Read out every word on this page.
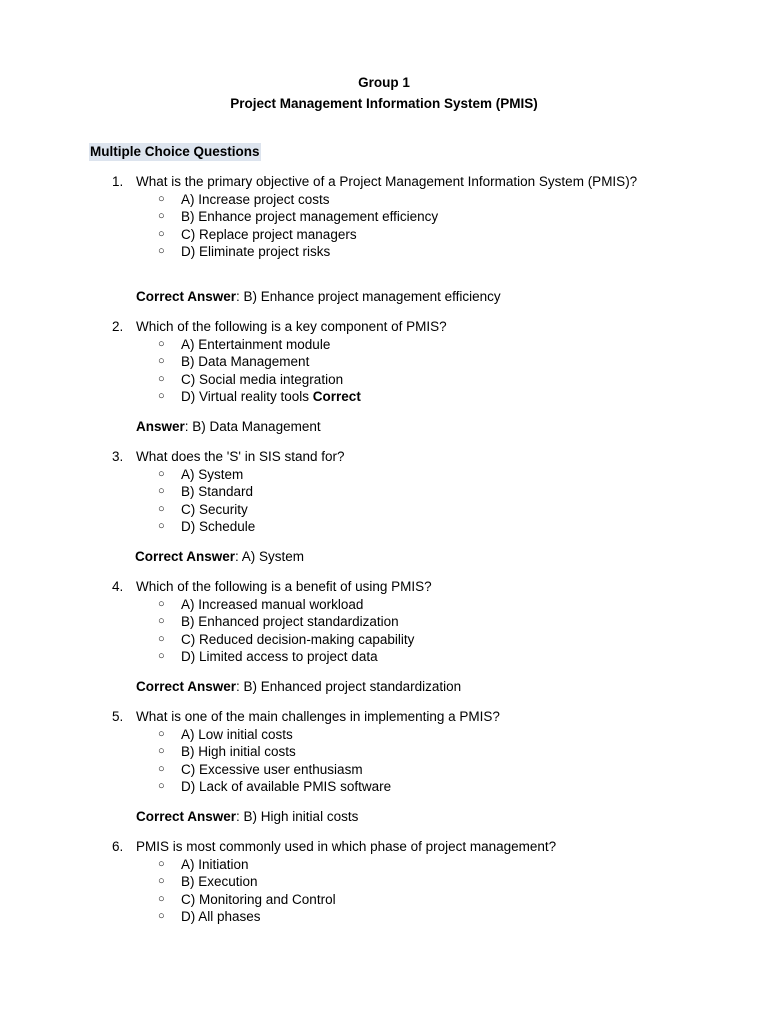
Group 1
Project Management Information System (PMIS)
Multiple Choice Questions
1. What is the primary objective of a Project Management Information System (PMIS)?
○ A) Increase project costs
○ B) Enhance project management efficiency
○ C) Replace project managers
○ D) Eliminate project risks
Correct Answer: B) Enhance project management efficiency
2. Which of the following is a key component of PMIS?
○ A) Entertainment module
○ B) Data Management
○ C) Social media integration
○ D) Virtual reality tools Correct
Answer: B) Data Management
3. What does the 'S' in SIS stand for?
○ A) System
○ B) Standard
○ C) Security
○ D) Schedule
Correct Answer: A) System
4. Which of the following is a benefit of using PMIS?
○ A) Increased manual workload
○ B) Enhanced project standardization
○ C) Reduced decision-making capability
○ D) Limited access to project data
Correct Answer: B) Enhanced project standardization
5. What is one of the main challenges in implementing a PMIS?
○ A) Low initial costs
○ B) High initial costs
○ C) Excessive user enthusiasm
○ D) Lack of available PMIS software
Correct Answer: B) High initial costs
6. PMIS is most commonly used in which phase of project management?
○ A) Initiation
○ B) Execution
○ C) Monitoring and Control
○ D) All phases
